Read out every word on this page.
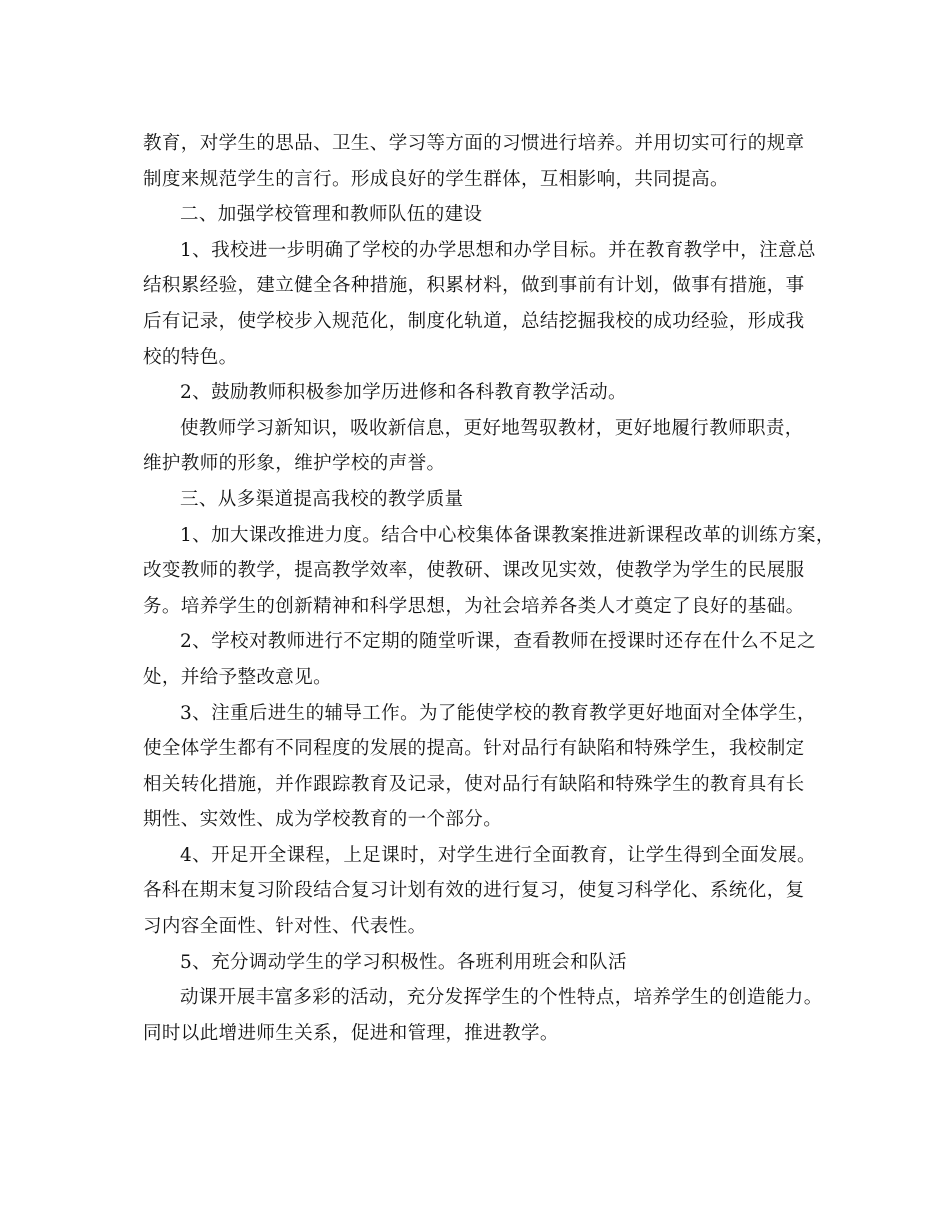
教育，对学生的思品、卫生、学习等方面的习惯进行培养。并用切实可行的规章
制度来规范学生的言行。形成良好的学生群体，互相影响，共同提高。
二、加强学校管理和教师队伍的建设
1、我校进一步明确了学校的办学思想和办学目标。并在教育教学中，注意总
结积累经验，建立健全各种措施，积累材料，做到事前有计划，做事有措施，事
后有记录，使学校步入规范化，制度化轨道，总结挖掘我校的成功经验，形成我
校的特色。
2、鼓励教师积极参加学历进修和各科教育教学活动。
使教师学习新知识，吸收新信息，更好地驾驭教材，更好地履行教师职责，
维护教师的形象，维护学校的声誉。
三、从多渠道提高我校的教学质量
1、加大课改推进力度。结合中心校集体备课教案推进新课程改革的训练方案，
改变教师的教学，提高教学效率，使教研、课改见实效，使教学为学生的民展服
务。培养学生的创新精神和科学思想，为社会培养各类人才奠定了良好的基础。
2、学校对教师进行不定期的随堂听课，查看教师在授课时还存在什么不足之
处，并给予整改意见。
3、注重后进生的辅导工作。为了能使学校的教育教学更好地面对全体学生，
使全体学生都有不同程度的发展的提高。针对品行有缺陷和特殊学生，我校制定
相关转化措施，并作跟踪教育及记录，使对品行有缺陷和特殊学生的教育具有长
期性、实效性、成为学校教育的一个部分。
4、开足开全课程，上足课时，对学生进行全面教育，让学生得到全面发展。
各科在期末复习阶段结合复习计划有效的进行复习，使复习科学化、系统化，复
习内容全面性、针对性、代表性。
5、充分调动学生的学习积极性。各班利用班会和队活
动课开展丰富多彩的活动，充分发挥学生的个性特点，培养学生的创造能力。
同时以此增进师生关系，促进和管理，推进教学。
